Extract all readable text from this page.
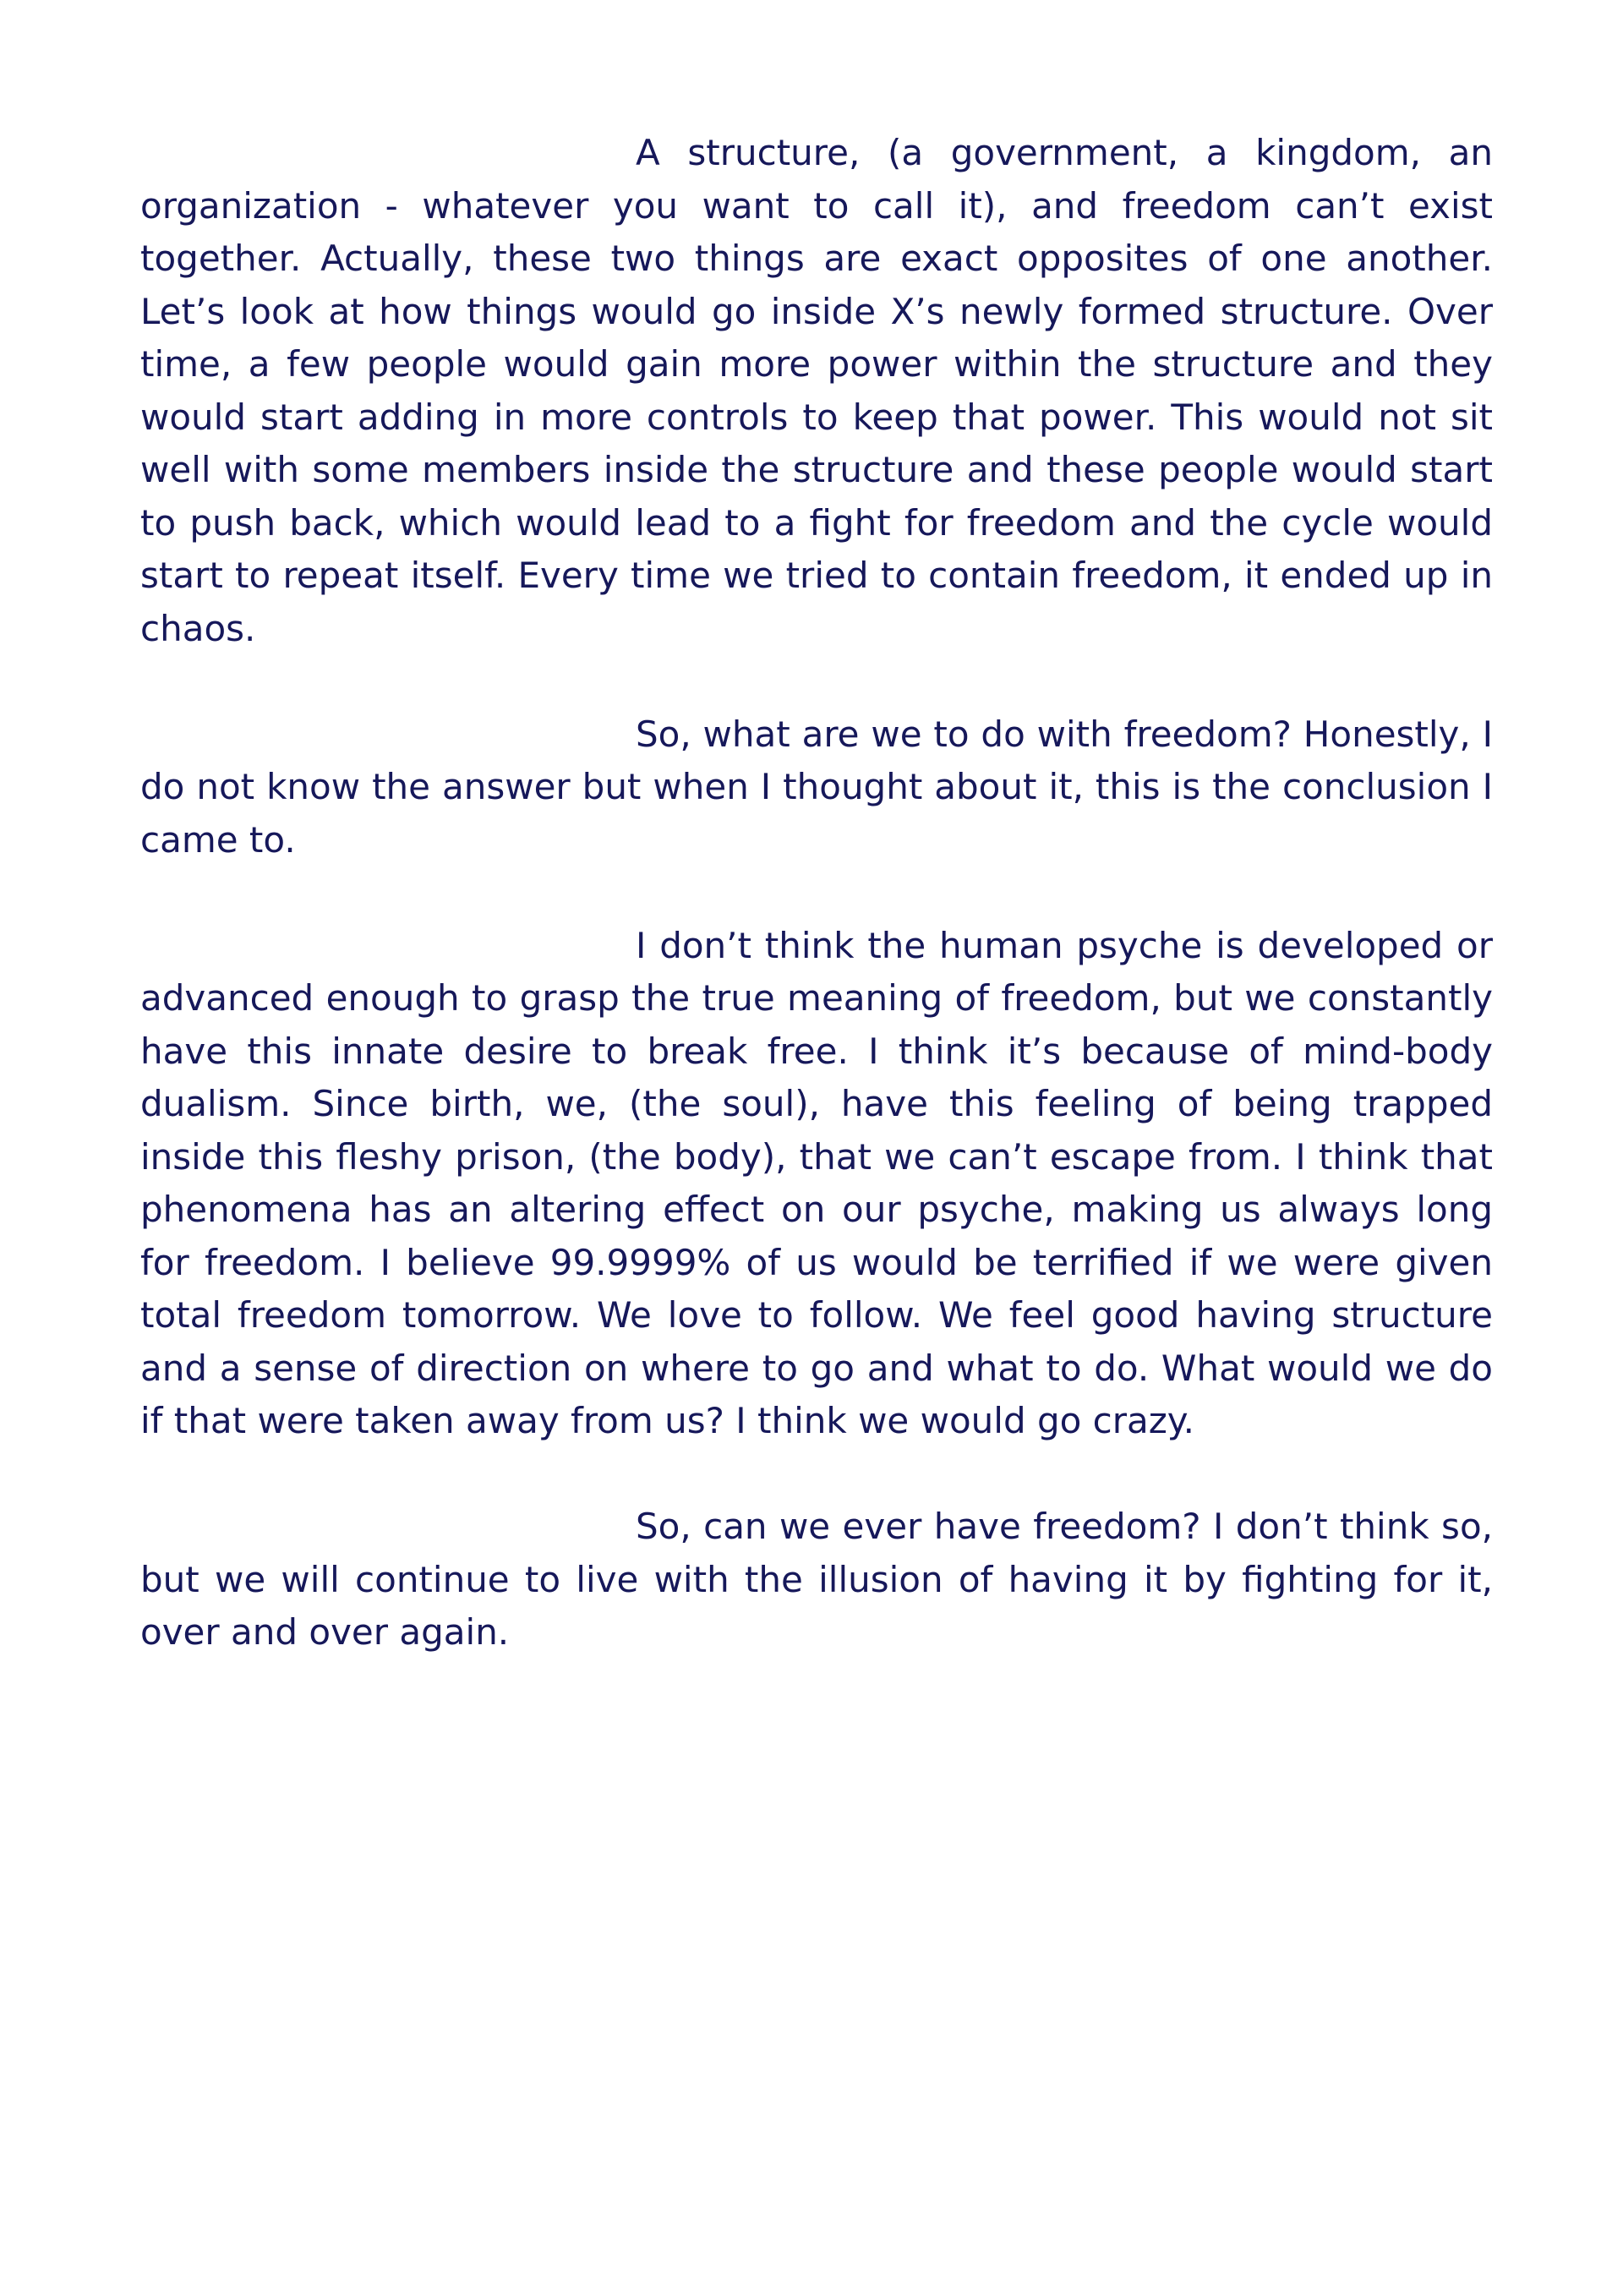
A structure, (a government, a kingdom, an organization - whatever you want to call it), and freedom can’t exist together. Actually, these two things are exact opposites of one another. Let’s look at how things would go inside X’s newly formed structure. Over time, a few people would gain more power within the structure and they would start adding in more controls to keep that power. This would not sit well with some members inside the structure and these people would start to push back, which would lead to a fight for freedom and the cycle would start to repeat itself. Every time we tried to contain freedom, it ended up in chaos.

So, what are we to do with freedom? Honestly, I do not know the answer but when I thought about it, this is the conclusion I came to.

I don’t think the human psyche is developed or advanced enough to grasp the true meaning of freedom, but we constantly have this innate desire to break free. I think it’s because of mind-body dualism. Since birth, we, (the soul), have this feeling of being trapped inside this fleshy prison, (the body), that we can’t escape from. I think that phenomena has an altering effect on our psyche, making us always long for freedom. I believe 99.9999% of us would be terrified if we were given total freedom tomorrow. We love to follow. We feel good having structure and a sense of direction on where to go and what to do. What would we do if that were taken away from us? I think we would go crazy.

So, can we ever have freedom? I don’t think so, but we will continue to live with the illusion of having it by fighting for it, over and over again.
